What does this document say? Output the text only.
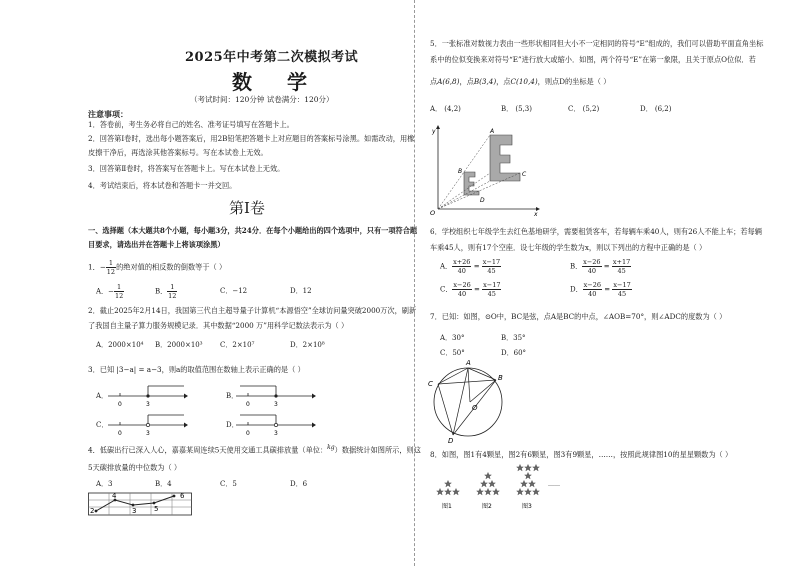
2025年中考第二次模拟考试
数 学
（考试时间：120分钟 试卷满分：120分）
注意事项：
1．答卷前，考生务必将自己的姓名、准考证号填写在答题卡上。
2．回答第Ⅰ卷时，选出每小题答案后，用2B铅笔把答题卡上对应题目的答案标号涂黑。如需改动，用橡
皮擦干净后，再选涂其他答案标号。写在本试卷上无效。
3．回答第Ⅱ卷时，将答案写在答题卡上。写在本试卷上无效。
4．考试结束后，将本试卷和答题卡一并交回。
第Ⅰ卷
一、选择题（本大题共8个小题，每小题3分，共24分．在每个小题给出的四个选项中，只有一项符合题
目要求，请选出并在答题卡上将该项涂黑）
1．− $\frac{1}{12}$ 的绝对值的相反数的倒数等于（ ）
A．− $\frac{1}{12}$	B． $\frac{1}{12}$	C．−12	D．12
2．截止2025年2月14日，我国第三代自主超导量子计算机“本源悟空”全球访问量突破2000万次，刷新
了我国自主量子算力服务规模记录．其中数据“2000 万”用科学记数法表示为（ ）
A．2000×10⁴ B．2000×10³ C．2×10⁷	D．2×10⁸
3．已知 |3−a| = a−3，则a的取值范围在数轴上表示正确的是（ ）
A．
0	3
B．
0	3
C．
0	3
D．
0	3
4．低碳出行已深入人心，嘉嘉某周连续5天使用交通工具碳排放量（单位：$^{kg}$）数据统计如图所示，则这
5天碳排放量的中位数为（ ）
A．3	B．4	C．5	D．6
2
4
3	5
6
5．一张标准对数视力表由一些形状相同但大小不一定相同的符号“E”组成的，我们可以借助平面直角坐标
系中的位似变换来对符号“E”进行放大或缩小．如图，两个符号“E”在第一象限，且关于原点O位似．若
点A(6,8)，点B(3,4)，点C(10,4)，则点D的坐标是（ ）
A． (4,2)	B． (5,3)	C． (5,2)	D． (6,2)
y
x
O
A
B	C
D
6．学校组织七年级学生去红色基地研学，需要租赁客车，若每辆车乘40人，则有26人不能上车；若每辆
车乘45人，则有17个空座．设七年级的学生数为x，则以下列出的方程中正确的是（ ）
A． $\frac{x+26}{40} = \frac{x-17}{45}$	B． $\frac{x-26}{40} = \frac{x+17}{45}$
C． $\frac{x-26}{40} = \frac{x-17}{45}$	D． $\frac{x-26}{40} = \frac{x-17}{45}$
7．已知：如图，⊙O中，BC是弦，点A是BC的中点，∠AOB=70°，则∠ADC的度数为（ ）
A．30°	B．35°
C．50°	D．60°
A
B
C
D
O
8．如图，图1有4颗星，图2有6颗星，图3有9颗星，……，按照此规律图10的星星颗数为（ ）
……
图1	图2	图3
